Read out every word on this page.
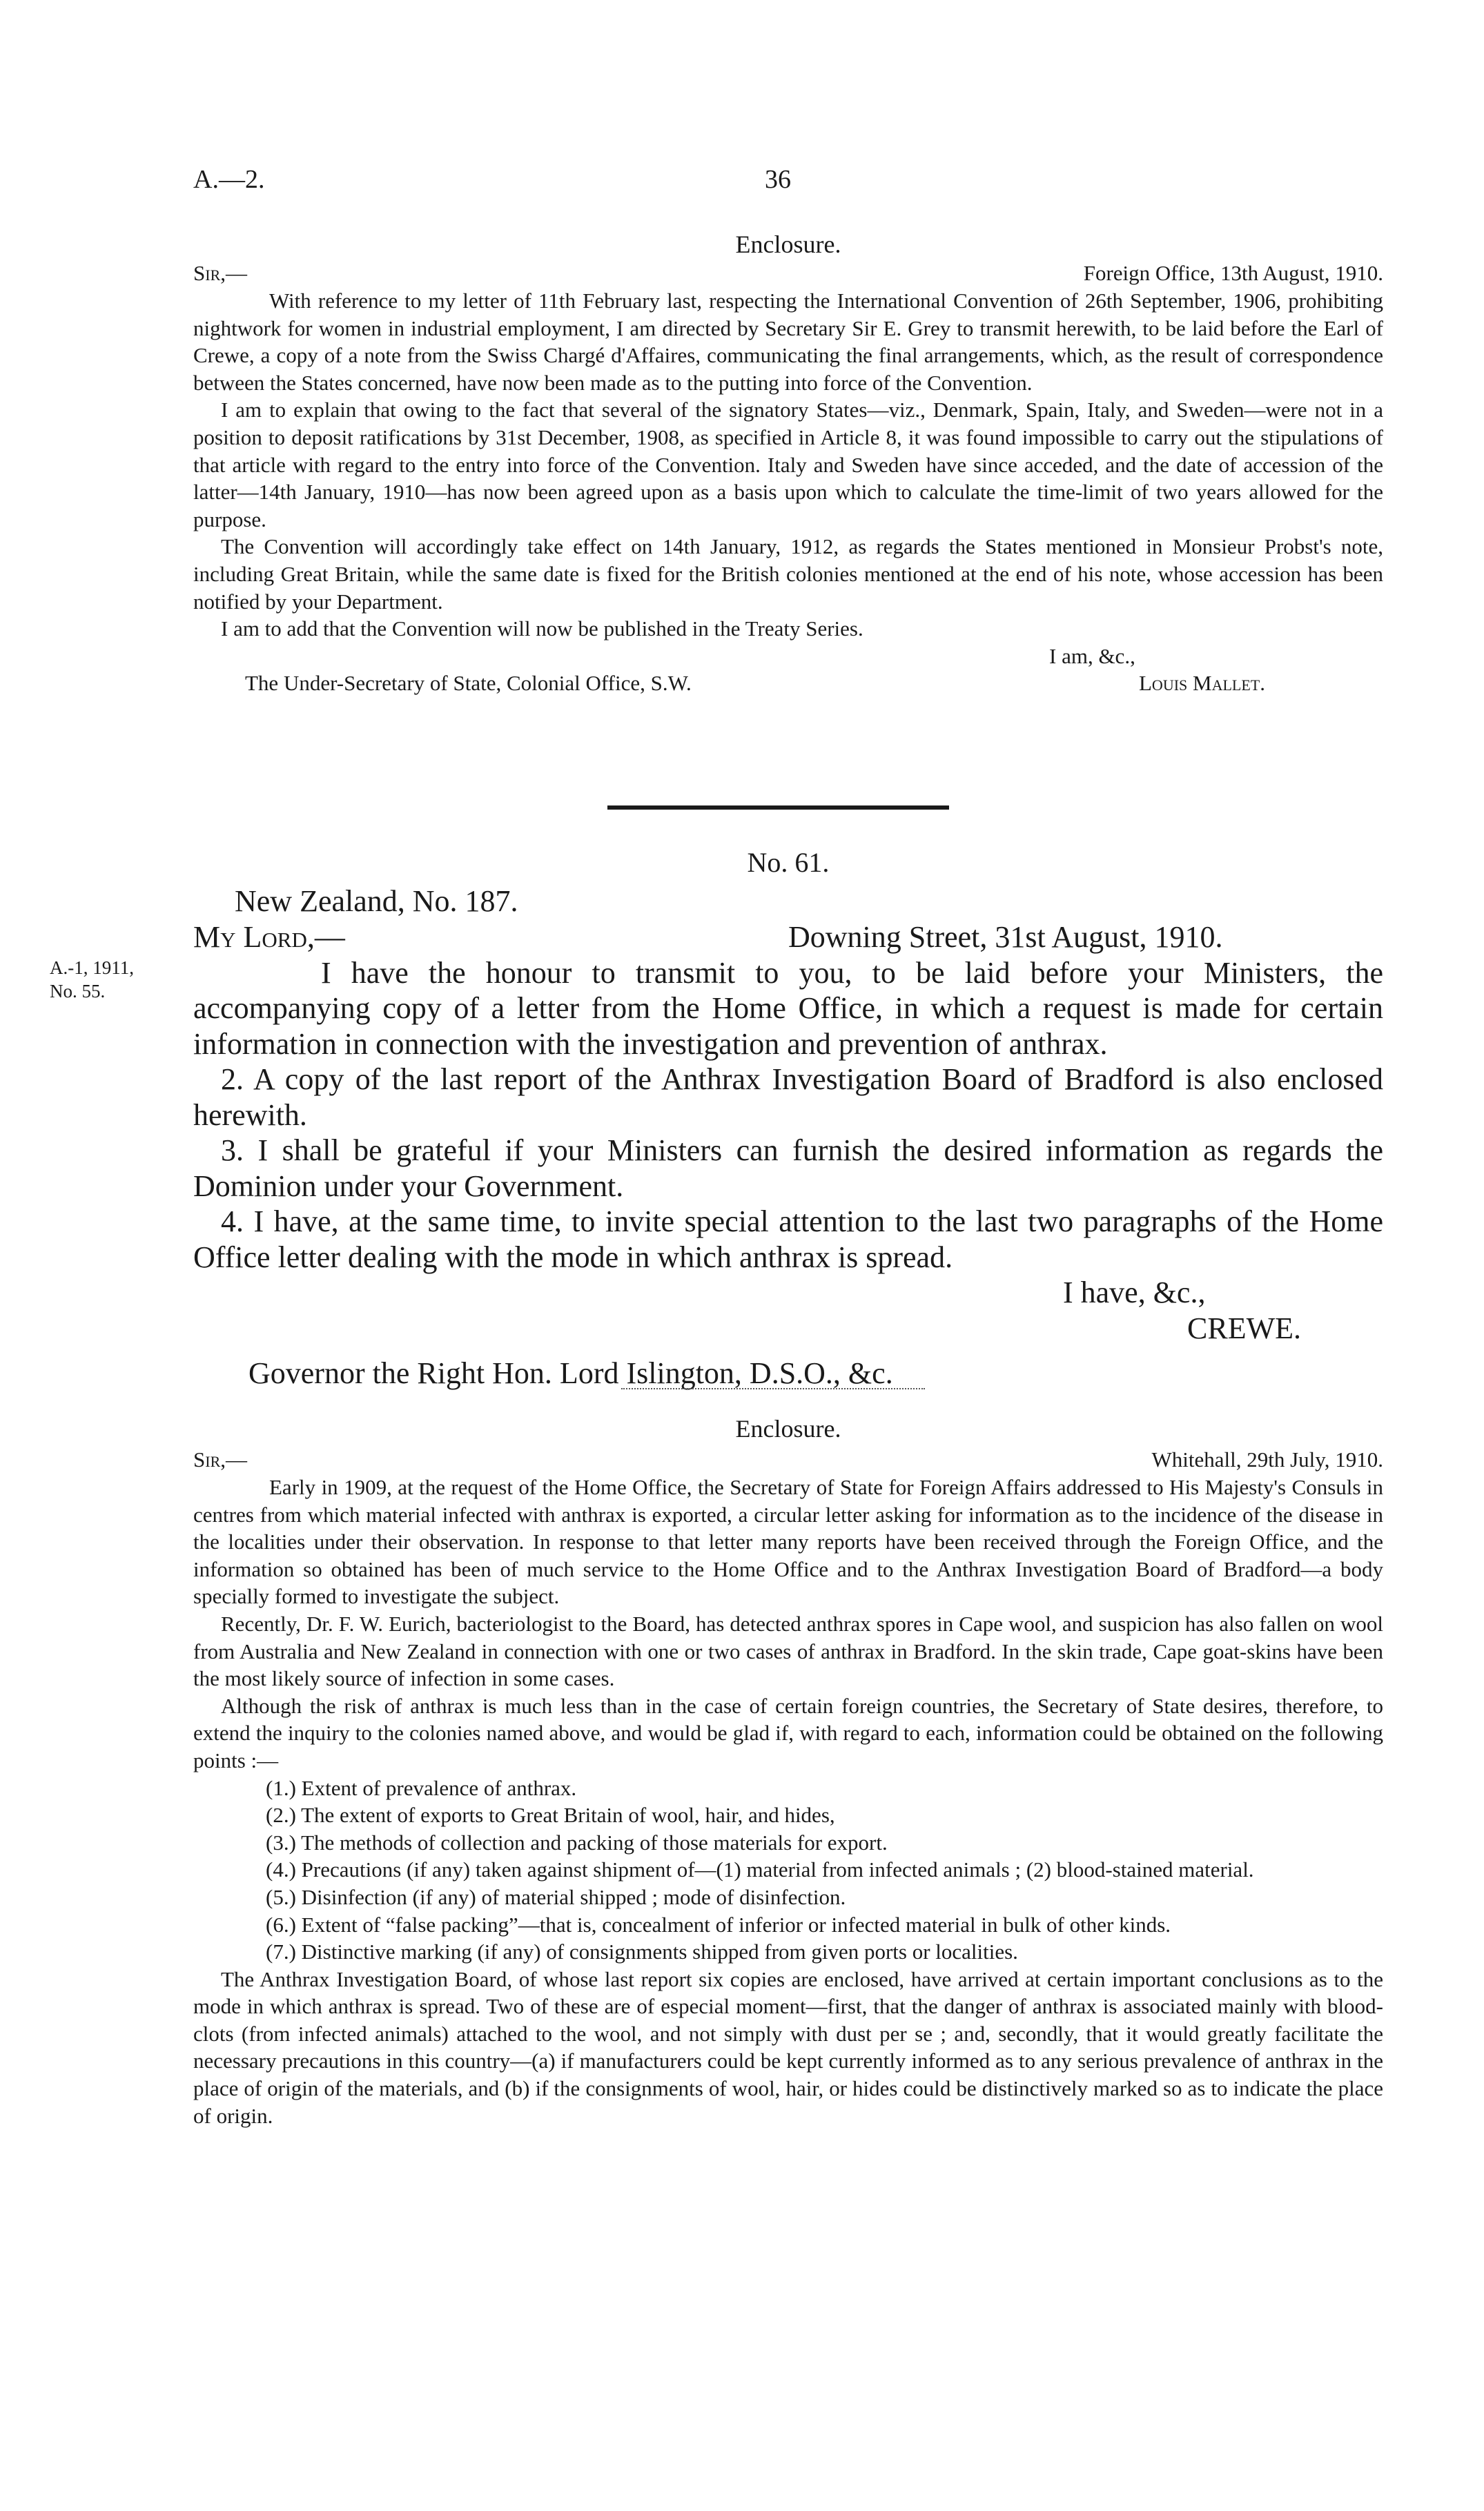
A.—2.	36
Enclosure.
Sir,—	Foreign Office, 13th August, 1910.

With reference to my letter of 11th February last, respecting the International Convention of 26th September, 1906, prohibiting nightwork for women in industrial employment, I am directed by Secretary Sir E. Grey to transmit herewith, to be laid before the Earl of Crewe, a copy of a note from the Swiss Chargé d'Affaires, communicating the final arrangements, which, as the result of correspondence between the States concerned, have now been made as to the putting into force of the Convention.

I am to explain that owing to the fact that several of the signatory States—viz., Denmark, Spain, Italy, and Sweden—were not in a position to deposit ratifications by 31st December, 1908, as specified in Article 8, it was found impossible to carry out the stipulations of that article with regard to the entry into force of the Convention. Italy and Sweden have since acceded, and the date of accession of the latter—14th January, 1910—has now been agreed upon as a basis upon which to calculate the time-limit of two years allowed for the purpose.

The Convention will accordingly take effect on 14th January, 1912, as regards the States mentioned in Monsieur Probst's note, including Great Britain, while the same date is fixed for the British colonies mentioned at the end of his note, whose accession has been notified by your Department.

I am to add that the Convention will now be published in the Treaty Series.

I am, &c.,
The Under-Secretary of State, Colonial Office, S.W.	Louis Mallet.
A.-1, 1911,
No. 55.
No. 61.
New Zealand, No. 187.
My Lord,—	Downing Street, 31st August, 1910.

I have the honour to transmit to you, to be laid before your Ministers, the accompanying copy of a letter from the Home Office, in which a request is made for certain information in connection with the investigation and prevention of anthrax.

2. A copy of the last report of the Anthrax Investigation Board of Bradford is also enclosed herewith.

3. I shall be grateful if your Ministers can furnish the desired information as regards the Dominion under your Government.

4. I have, at the same time, to invite special attention to the last two paragraphs of the Home Office letter dealing with the mode in which anthrax is spread.

I have, &c.,
CREWE.
Governor the Right Hon. Lord Islington, D.S.O., &c.
Enclosure.
Sir,—	Whitehall, 29th July, 1910.

Early in 1909, at the request of the Home Office, the Secretary of State for Foreign Affairs addressed to His Majesty's Consuls in centres from which material infected with anthrax is exported, a circular letter asking for information as to the incidence of the disease in the localities under their observation. In response to that letter many reports have been received through the Foreign Office, and the information so obtained has been of much service to the Home Office and to the Anthrax Investigation Board of Bradford—a body specially formed to investigate the subject.

Recently, Dr. F. W. Eurich, bacteriologist to the Board, has detected anthrax spores in Cape wool, and suspicion has also fallen on wool from Australia and New Zealand in connection with one or two cases of anthrax in Bradford. In the skin trade, Cape goat-skins have been the most likely source of infection in some cases.

Although the risk of anthrax is much less than in the case of certain foreign countries, the Secretary of State desires, therefore, to extend the inquiry to the colonies named above, and would be glad if, with regard to each, information could be obtained on the following points :—

(1.) Extent of prevalence of anthrax.
(2.) The extent of exports to Great Britain of wool, hair, and hides,
(3.) The methods of collection and packing of those materials for export.
(4.) Precautions (if any) taken against shipment of—(1) material from infected animals ; (2) blood-stained material.
(5.) Disinfection (if any) of material shipped ; mode of disinfection.
(6.) Extent of “false packing”—that is, concealment of inferior or infected material in bulk of other kinds.
(7.) Distinctive marking (if any) of consignments shipped from given ports or localities.

The Anthrax Investigation Board, of whose last report six copies are enclosed, have arrived at certain important conclusions as to the mode in which anthrax is spread. Two of these are of especial moment—first, that the danger of anthrax is associated mainly with blood-clots (from infected animals) attached to the wool, and not simply with dust per se ; and, secondly, that it would greatly facilitate the necessary precautions in this country—(a) if manufacturers could be kept currently informed as to any serious prevalence of anthrax in the place of origin of the materials, and (b) if the consignments of wool, hair, or hides could be distinctively marked so as to indicate the place of origin.
